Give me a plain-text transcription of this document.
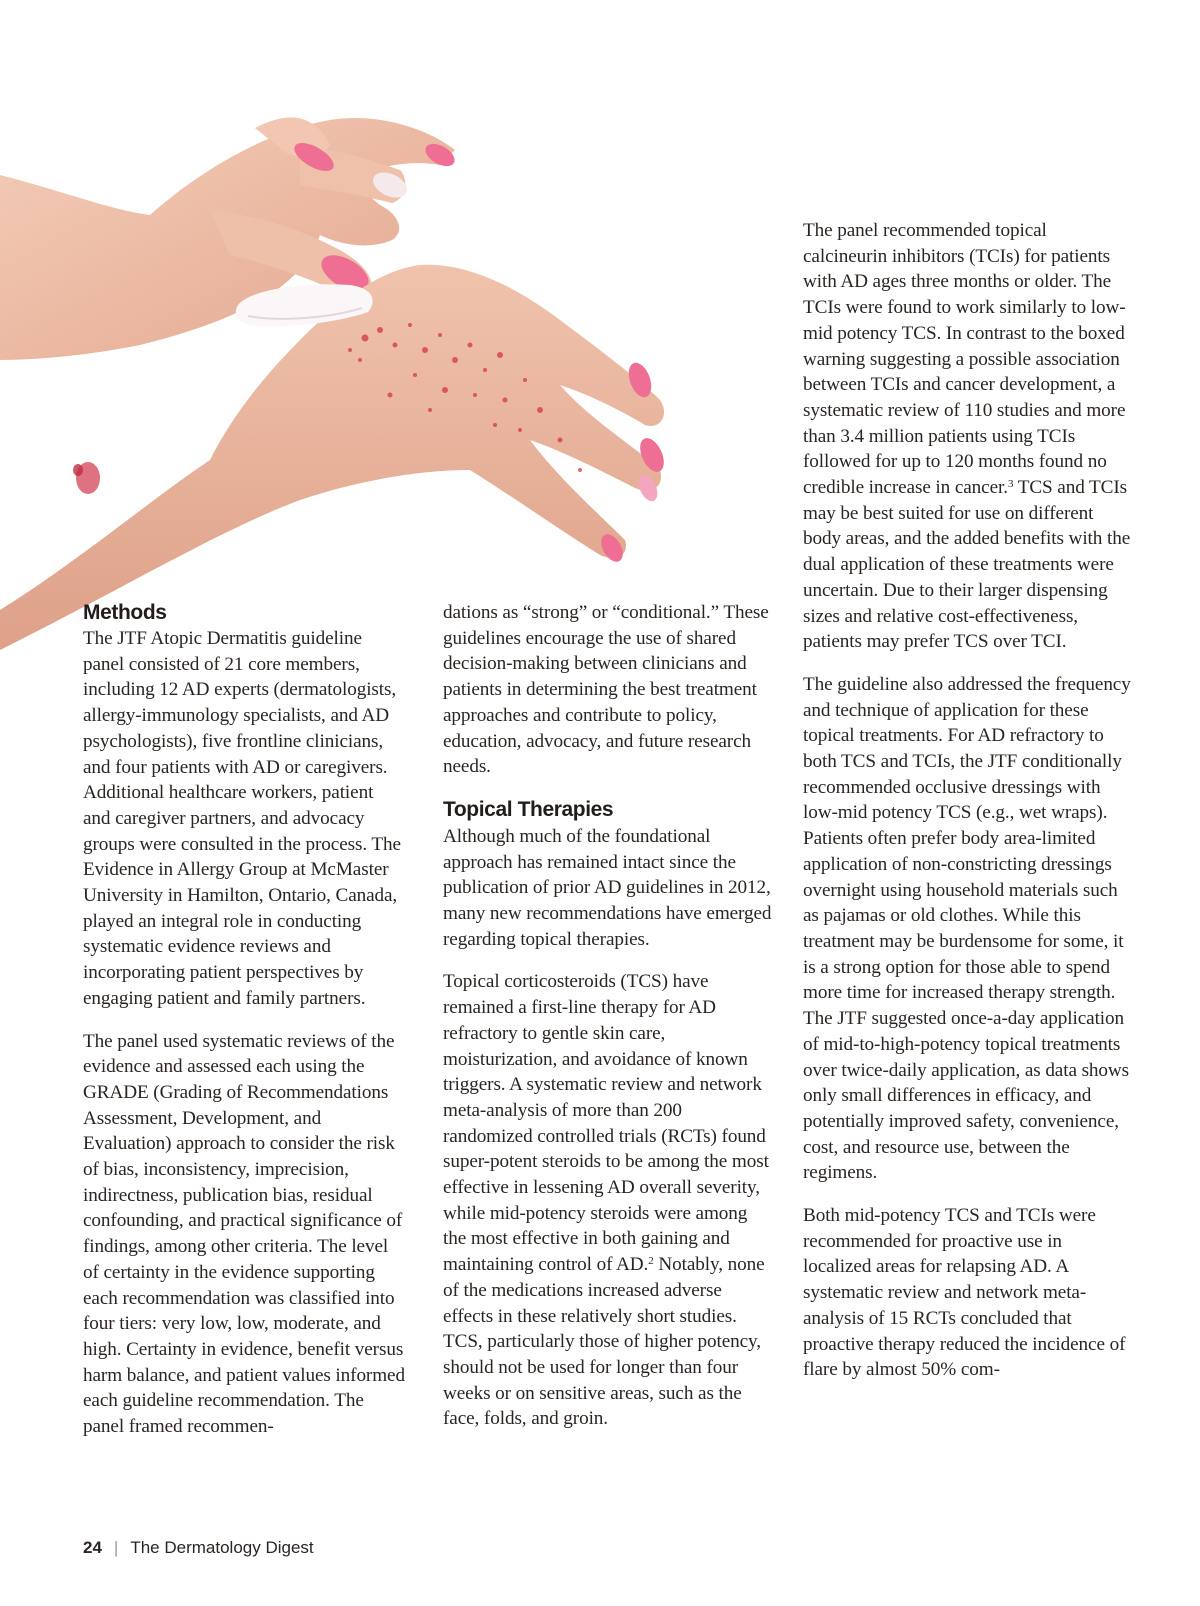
Methods

The JTF Atopic Dermatitis guideline panel consisted of 21 core members, including 12 AD experts (dermatologists, allergy-immunology specialists, and AD psychologists), five frontline clinicians, and four patients with AD or caregivers. Additional healthcare workers, patient and caregiver partners, and advocacy groups were consulted in the process. The Evidence in Allergy Group at McMaster University in Hamilton, Ontario, Canada, played an integral role in conducting systematic evidence reviews and incorporating patient perspectives by engaging patient and family partners.

The panel used systematic reviews of the evidence and assessed each using the GRADE (Grading of Recommendations Assessment, Development, and Evaluation) approach to consider the risk of bias, inconsistency, imprecision, indirectness, publication bias, residual confounding, and practical significance of findings, among other criteria. The level of certainty in the evidence supporting each recommendation was classified into four tiers: very low, low, moderate, and high. Certainty in evidence, benefit versus harm balance, and patient values informed each guideline recommendation. The panel framed recommen-

dations as “strong” or “conditional.” These guidelines encourage the use of shared decision-making between clinicians and patients in determining the best treatment approaches and contribute to policy, education, advocacy, and future research needs.

Topical Therapies

Although much of the foundational approach has remained intact since the publication of prior AD guidelines in 2012, many new recommendations have emerged regarding topical therapies.

Topical corticosteroids (TCS) have remained a first-line therapy for AD refractory to gentle skin care, moisturization, and avoidance of known triggers. A systematic review and network meta-analysis of more than 200 randomized controlled trials (RCTs) found super-potent steroids to be among the most effective in lessening AD overall severity, while mid-potency steroids were among the most effective in both gaining and maintaining control of AD.$^2$ Notably, none of the medications increased adverse effects in these relatively short studies. TCS, particularly those of higher potency, should not be used for longer than four weeks or on sensitive areas, such as the face, folds, and groin.

The panel recommended topical calcineurin inhibitors (TCIs) for patients with AD ages three months or older. The TCIs were found to work similarly to low-mid potency TCS. In contrast to the boxed warning suggesting a possible association between TCIs and cancer development, a systematic review of 110 studies and more than 3.4 million patients using TCIs followed for up to 120 months found no credible increase in cancer.$^3$ TCS and TCIs may be best suited for use on different body areas, and the added benefits with the dual application of these treatments were uncertain. Due to their larger dispensing sizes and relative cost-effectiveness, patients may prefer TCS over TCI.

The guideline also addressed the frequency and technique of application for these topical treatments. For AD refractory to both TCS and TCIs, the JTF conditionally recommended occlusive dressings with low-mid potency TCS (e.g., wet wraps). Patients often prefer body area-limited application of non-constricting dressings overnight using household materials such as pajamas or old clothes. While this treatment may be burdensome for some, it is a strong option for those able to spend more time for increased therapy strength. The JTF suggested once-a-day application of mid-to-high-potency topical treatments over twice-daily application, as data shows only small differences in efficacy, and potentially improved safety, convenience, cost, and resource use, between the regimens.

Both mid-potency TCS and TCIs were recommended for proactive use in localized areas for relapsing AD. A systematic review and network meta-analysis of 15 RCTs concluded that proactive therapy reduced the incidence of flare by almost 50% com-

24 | The Dermatology Digest
